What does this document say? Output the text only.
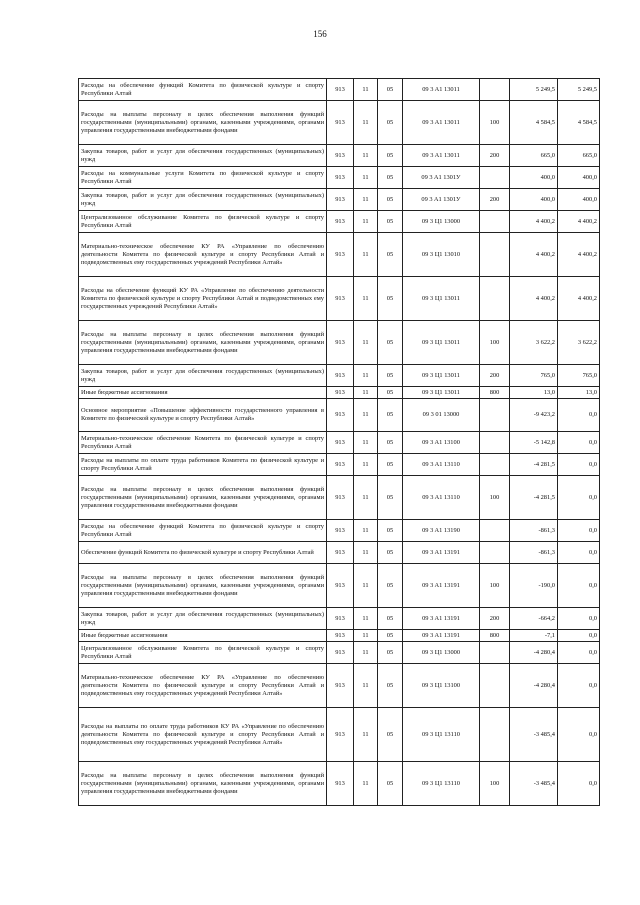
156
Расходы на обеспечение функций Комитета по физической культуре и спорту Республики Алтай	913	11	05	09 3 A1 13011		5 249,5	5 249,5
Расходы на выплаты персоналу в целях обеспечения выполнения функций государственными (муниципальными) органами, казенными учреждениями, органами управления государственными внебюджетными фондами	913	11	05	09 3 A1 13011	100	4 584,5	4 584,5
Закупка товаров, работ и услуг для обеспечения государственных (муниципальных) нужд	913	11	05	09 3 A1 13011	200	665,0	665,0
Расходы на коммунальные услуги Комитета по физической культуре и спорту Республики Алтай	913	11	05	09 3 A1 1301У		400,0	400,0
Закупка товаров, работ и услуг для обеспечения государственных (муниципальных) нужд	913	11	05	09 3 A1 1301У	200	400,0	400,0
Централизованное обслуживание Комитета по физической культуре и спорту Республики Алтай	913	11	05	09 3 Ц1 13000		4 400,2	4 400,2
Материально-техническое обеспечение КУ РА «Управление по обеспечению деятельности Комитета по физической культуре и спорту Республики Алтай и подведомственных ему государственных учреждений Республики Алтай»	913	11	05	09 3 Ц1 13010		4 400,2	4 400,2
Расходы на обеспечение функций КУ РА «Управление по обеспечению деятельности Комитета по физической культуре и спорту Республики Алтай и подведомственных ему государственных учреждений Республики Алтай»	913	11	05	09 3 Ц1 13011		4 400,2	4 400,2
Расходы на выплаты персоналу в целях обеспечения выполнения функций государственными (муниципальными) органами, казенными учреждениями, органами управления государственными внебюджетными фондами	913	11	05	09 3 Ц1 13011	100	3 622,2	3 622,2
Закупка товаров, работ и услуг для обеспечения государственных (муниципальных) нужд	913	11	05	09 3 Ц1 13011	200	765,0	765,0
Иные бюджетные ассигнования	913	11	05	09 3 Ц1 13011	800	13,0	13,0
Основное мероприятие «Повышение эффективности государственного управления в Комитете по физической культуре и спорту Республики Алтай»	913	11	05	09 3 01 13000		-9 423,2	0,0
Материально-техническое обеспечение Комитета по физической культуре и спорту Республики Алтай	913	11	05	09 3 A1 13100		-5 142,8	0,0
Расходы на выплаты по оплате труда работников Комитета по физической культуре и спорту Республики Алтай	913	11	05	09 3 A1 13110		-4 281,5	0,0
Расходы на выплаты персоналу в целях обеспечения выполнения функций государственными (муниципальными) органами, казенными учреждениями, органами управления государственными внебюджетными фондами	913	11	05	09 3 A1 13110	100	-4 281,5	0,0
Расходы на обеспечение функций Комитета по физической культуре и спорту Республики Алтай	913	11	05	09 3 A1 13190		-861,3	0,0
Обеспечение функций Комитета по физической культуре и спорту Республики Алтай	913	11	05	09 3 A1 13191		-861,3	0,0
Расходы на выплаты персоналу в целях обеспечения выполнения функций государственными (муниципальными) органами, казенными учреждениями, органами управления государственными внебюджетными фондами	913	11	05	09 3 A1 13191	100	-190,0	0,0
Закупка товаров, работ и услуг для обеспечения государственных (муниципальных) нужд	913	11	05	09 3 A1 13191	200	-664,2	0,0
Иные бюджетные ассигнования	913	11	05	09 3 A1 13191	800	-7,1	0,0
Централизованное обслуживание Комитета по физической культуре и спорту Республики Алтай	913	11	05	09 3 Ц1 13000		-4 280,4	0,0
Материально-техническое обеспечение КУ РА «Управление по обеспечению деятельности Комитета по физической культуре и спорту Республики Алтай и подведомственных ему государственных учреждений Республики Алтай»	913	11	05	09 3 Ц1 13100		-4 280,4	0,0
Расходы на выплаты по оплате труда работников КУ РА «Управление по обеспечению деятельности Комитета по физической культуре и спорту Республики Алтай и подведомственных ему государственных учреждений Республики Алтай»	913	11	05	09 3 Ц1 13110		-3 485,4	0,0
Расходы на выплаты персоналу в целях обеспечения выполнения функций государственными (муниципальными) органами, казенными учреждениями, органами управления государственными внебюджетными фондами	913	11	05	09 3 Ц1 13110	100	-3 485,4	0,0
